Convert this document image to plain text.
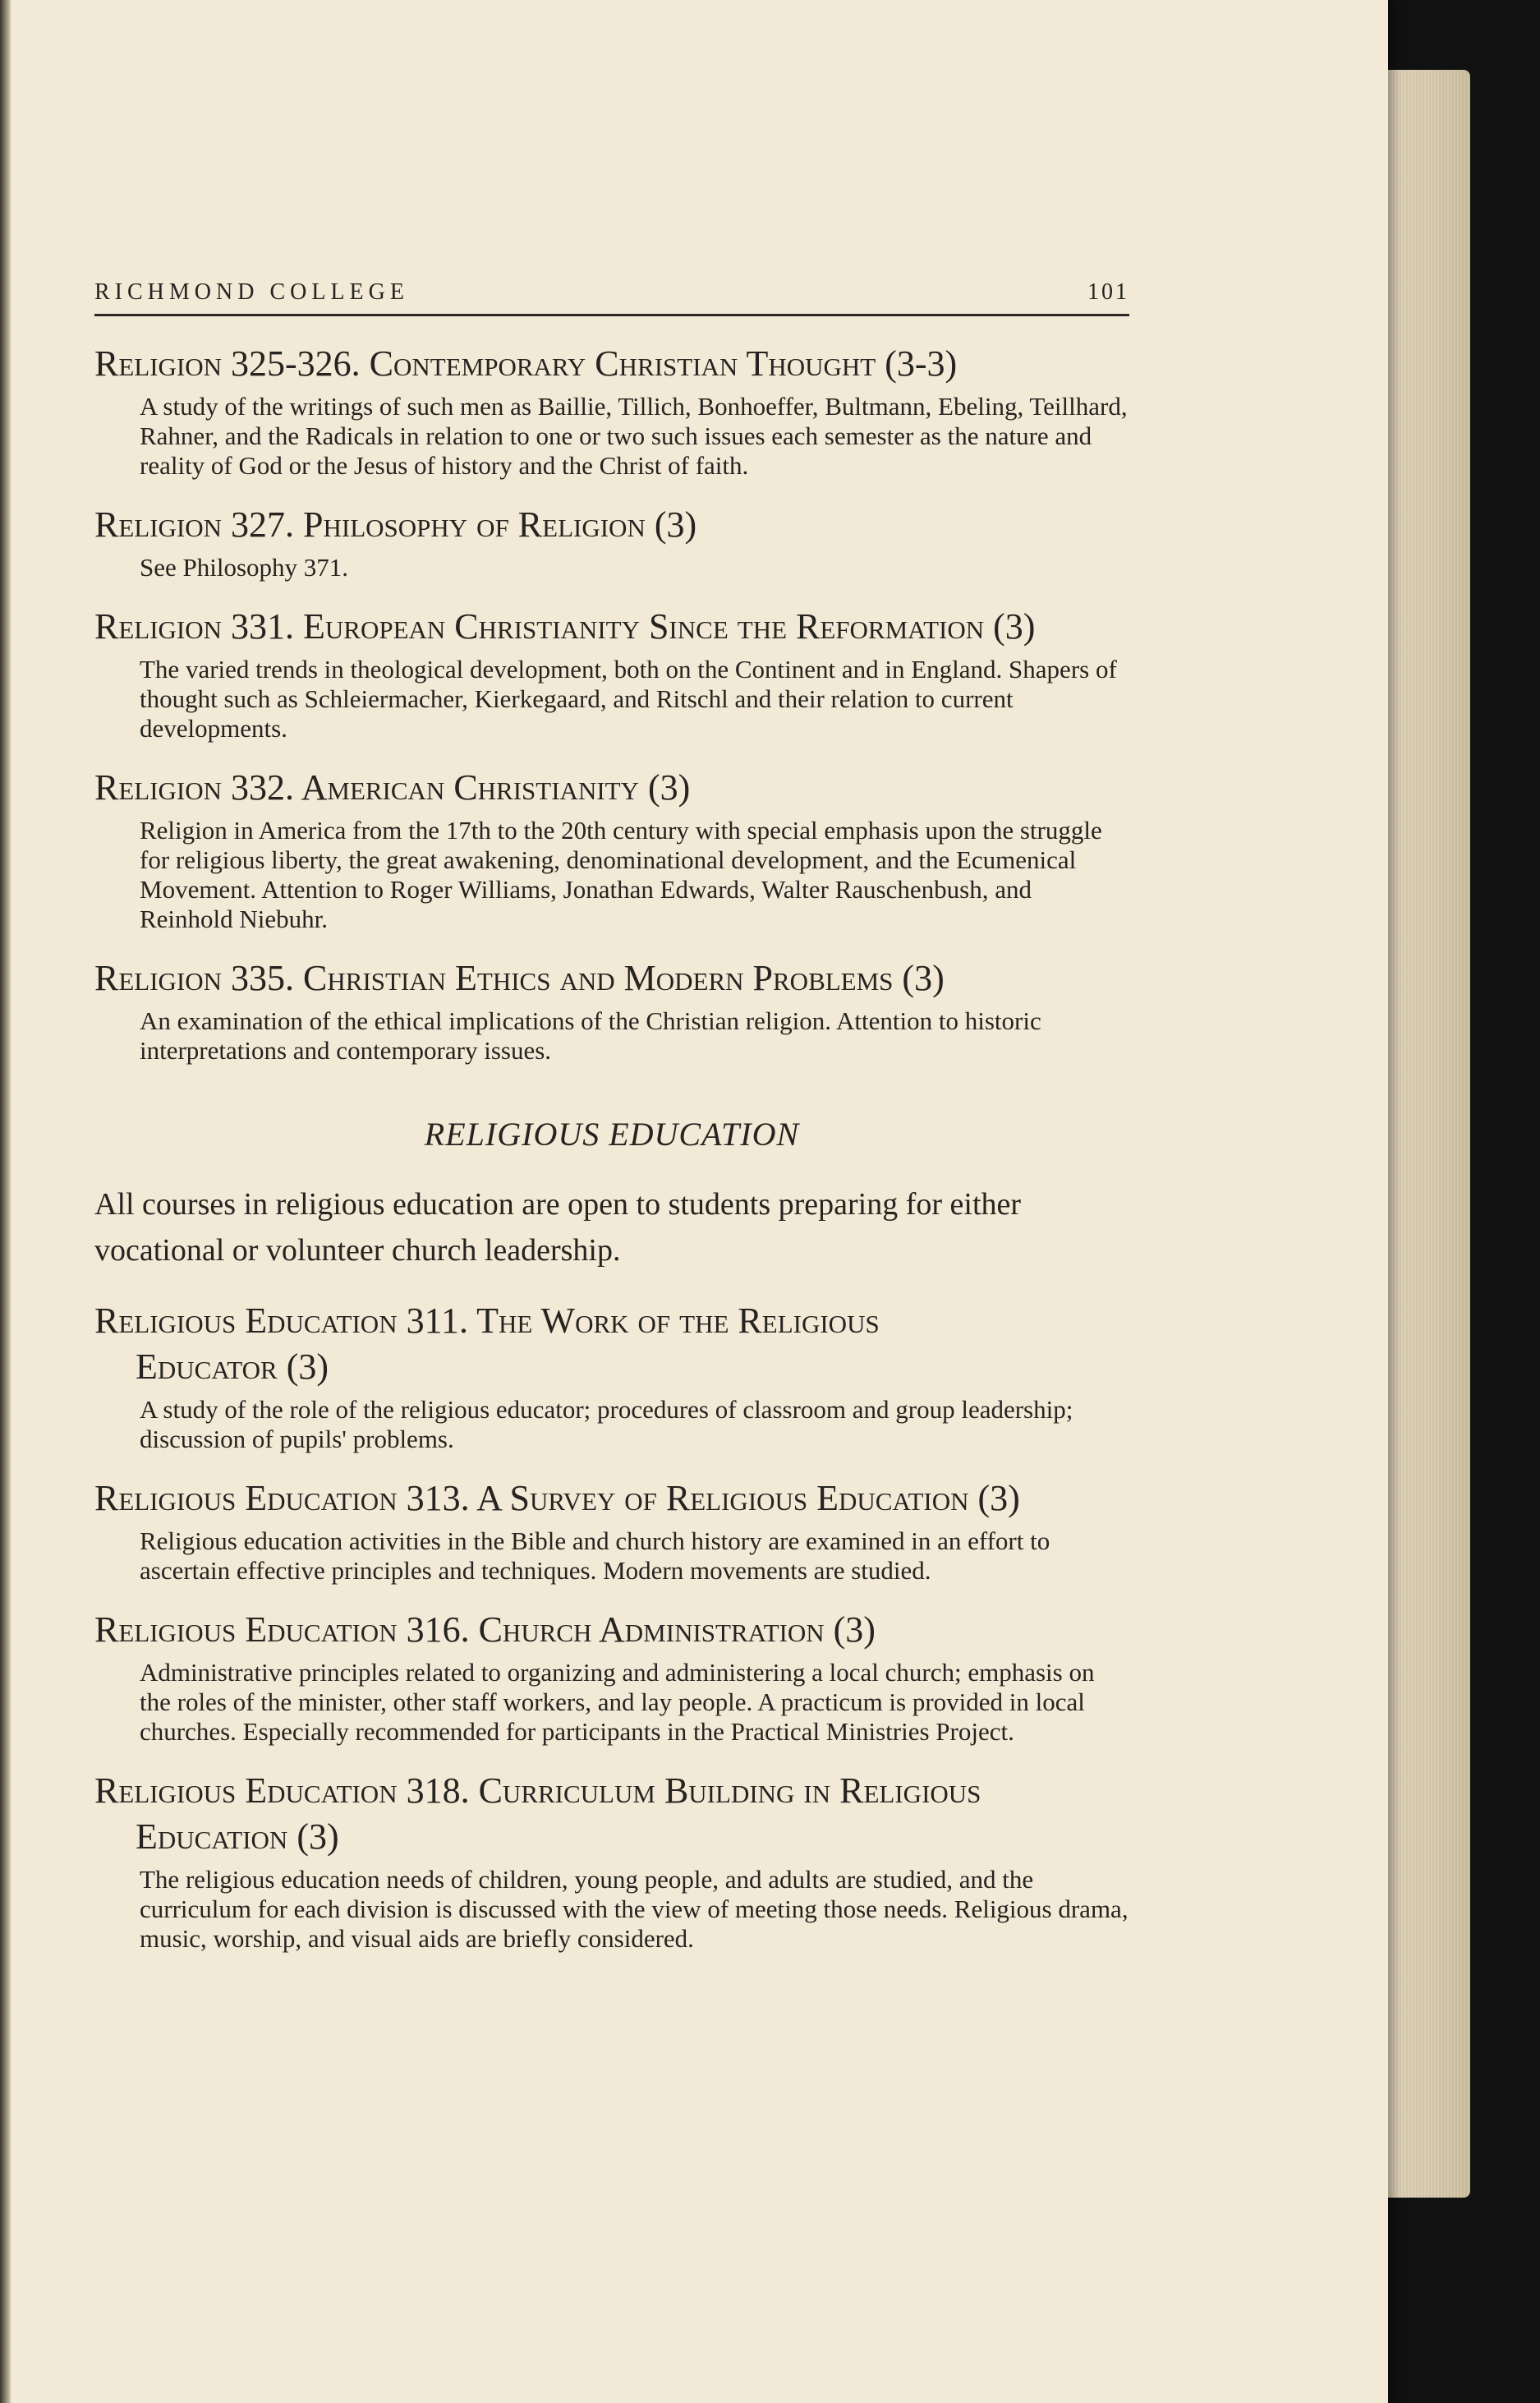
RICHMOND COLLEGE	101
Religion 325-326. Contemporary Christian Thought (3-3)

A study of the writings of such men as Baillie, Tillich, Bonhoeffer, Bultmann, Ebeling, Teillhard, Rahner, and the Radicals in relation to one or two such issues each semester as the nature and reality of God or the Jesus of history and the Christ of faith.

Religion 327. Philosophy of Religion (3)

See Philosophy 371.

Religion 331. European Christianity Since the Reformation (3)

The varied trends in theological development, both on the Continent and in England. Shapers of thought such as Schleiermacher, Kierkegaard, and Ritschl and their relation to current developments.

Religion 332. American Christianity (3)

Religion in America from the 17th to the 20th century with special emphasis upon the struggle for religious liberty, the great awakening, denominational development, and the Ecumenical Movement. Attention to Roger Williams, Jonathan Edwards, Walter Rauschenbush, and Reinhold Niebuhr.

Religion 335. Christian Ethics and Modern Problems (3)

An examination of the ethical implications of the Christian religion. Attention to historic interpretations and contemporary issues.

RELIGIOUS EDUCATION

All courses in religious education are open to students preparing for either vocational or volunteer church leadership.

Religious Education 311. The Work of the Religious
Educator (3)

A study of the role of the religious educator; procedures of classroom and group leadership; discussion of pupils' problems.

Religious Education 313. A Survey of Religious Education (3)

Religious education activities in the Bible and church history are examined in an effort to ascertain effective principles and techniques. Modern movements are studied.

Religious Education 316. Church Administration (3)

Administrative principles related to organizing and administering a local church; emphasis on the roles of the minister, other staff workers, and lay people. A practicum is provided in local churches. Especially recommended for participants in the Practical Ministries Project.

Religious Education 318. Curriculum Building in Religious
Education (3)

The religious education needs of children, young people, and adults are studied, and the curriculum for each division is discussed with the view of meeting those needs. Religious drama, music, worship, and visual aids are briefly considered.
